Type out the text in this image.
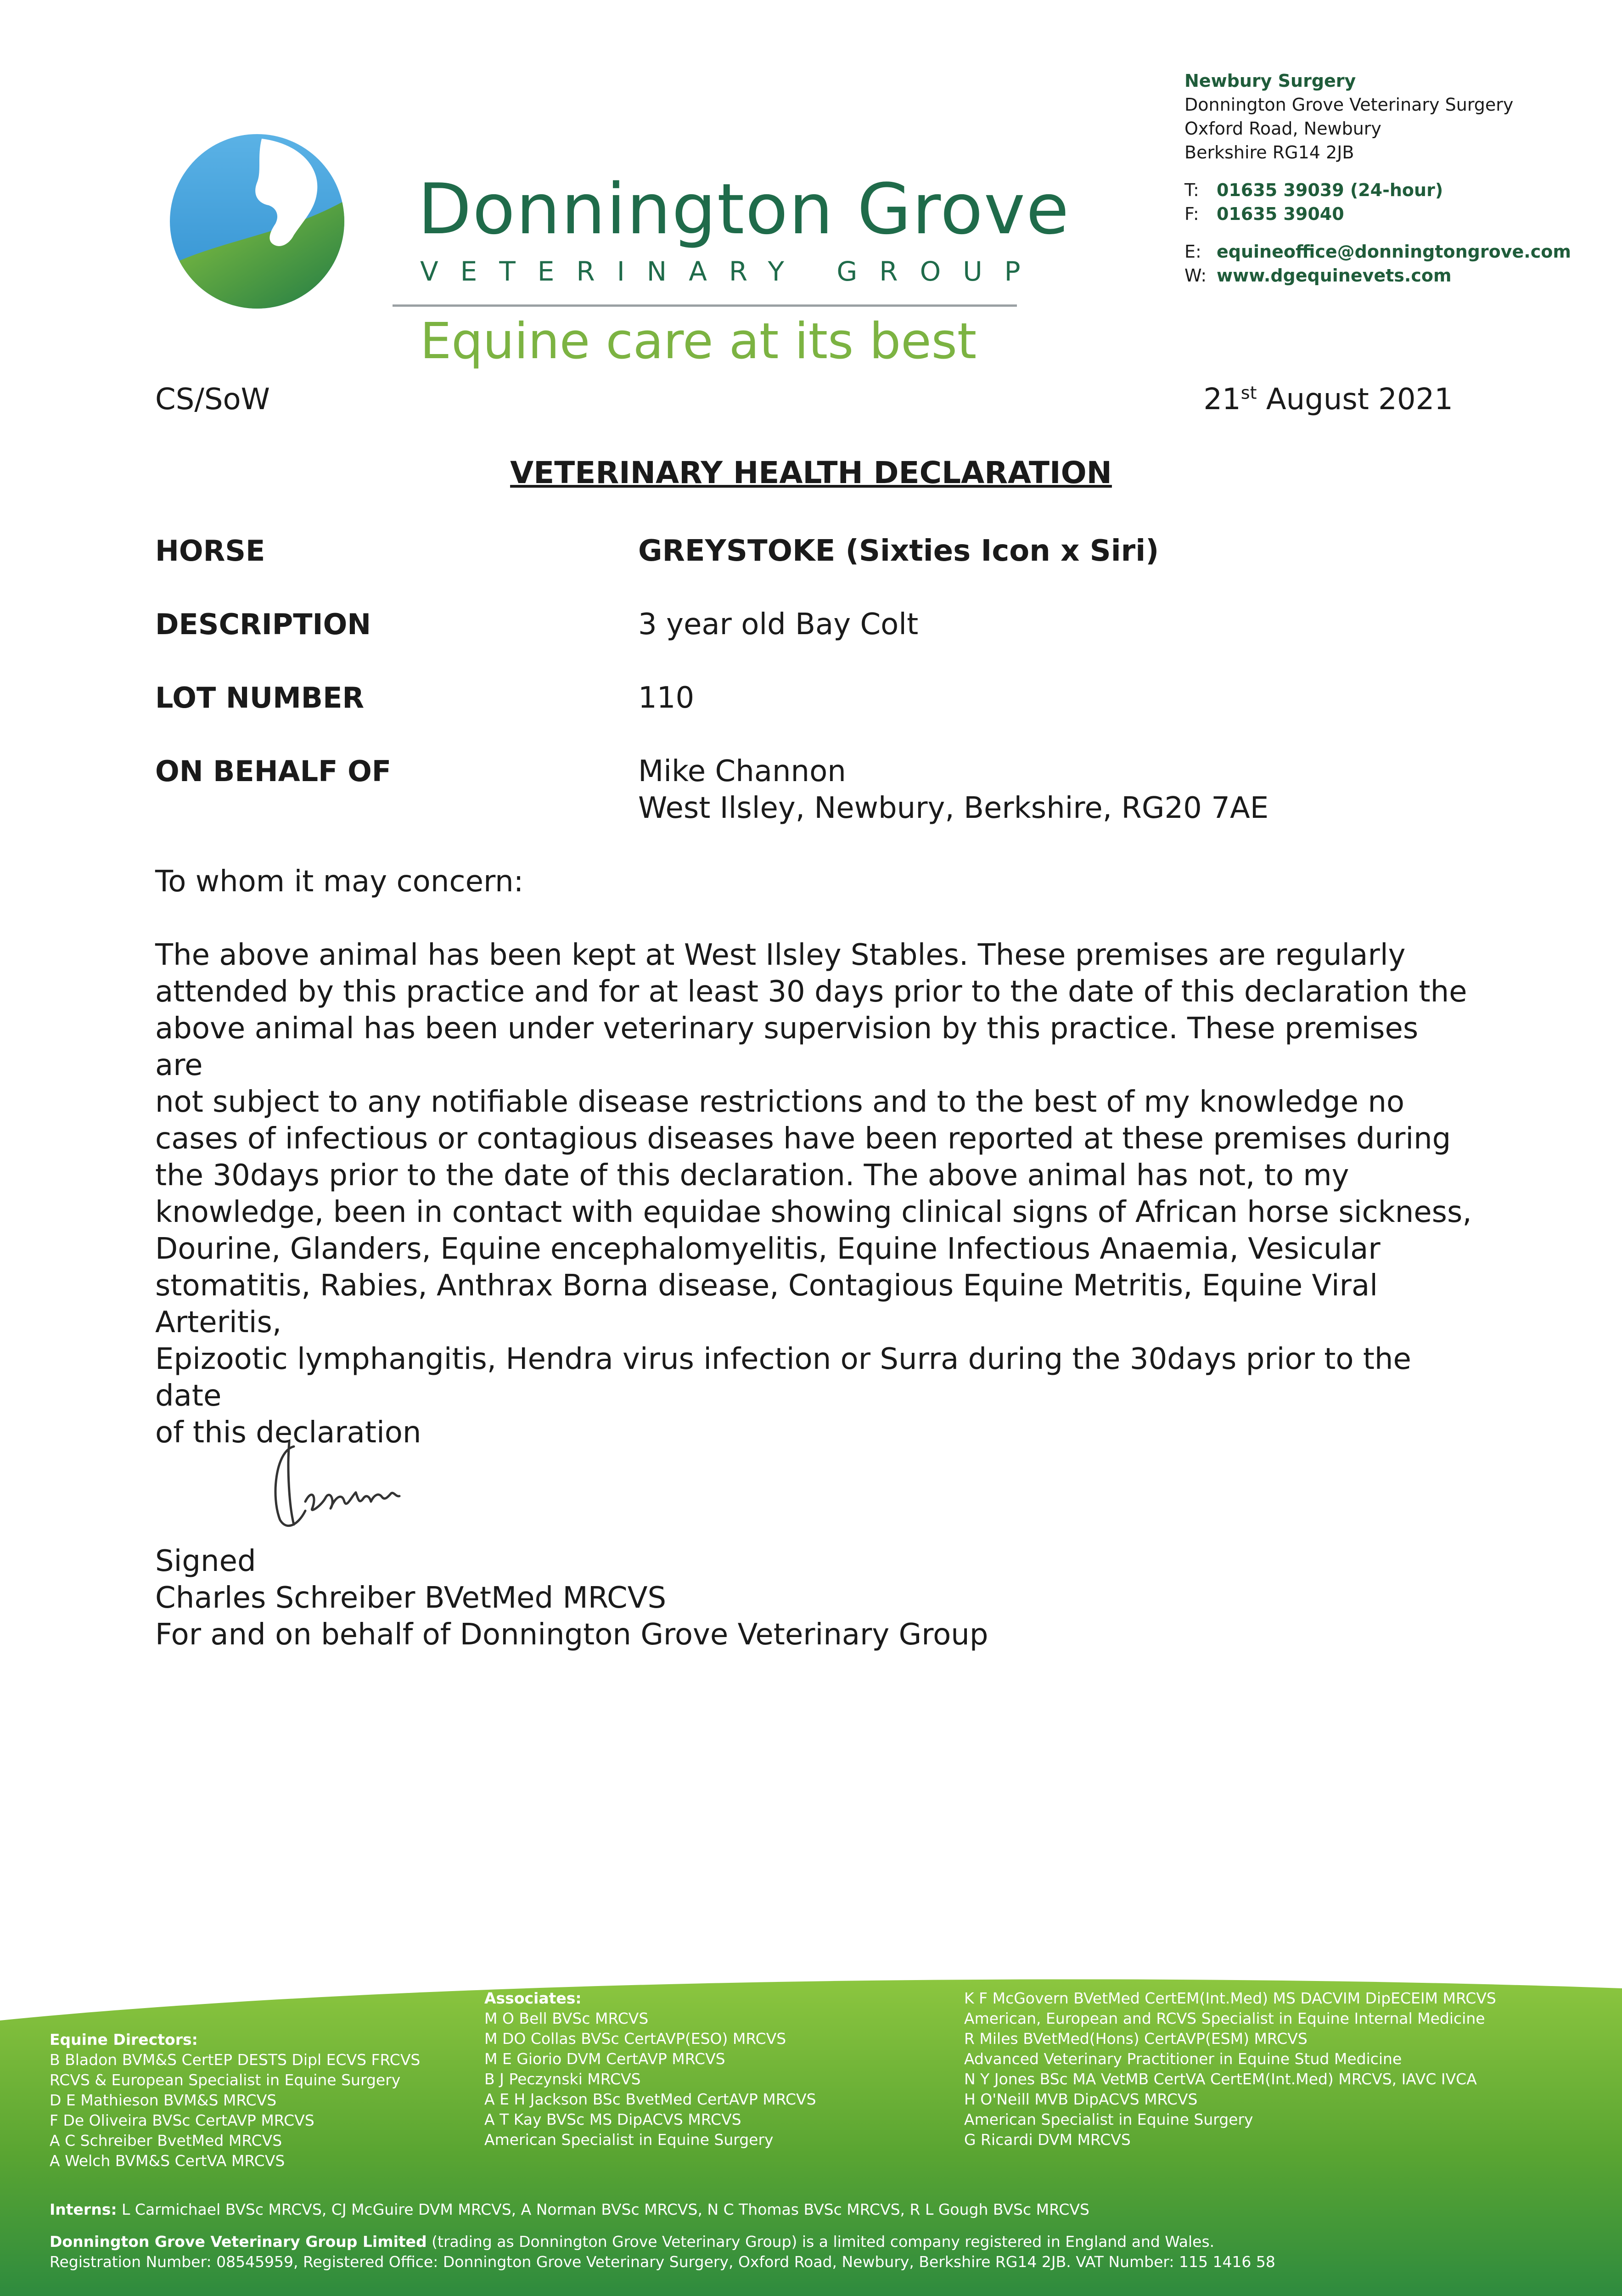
Donnington Grove
VETERINARY GROUP
Equine care at its best
Newbury Surgery
Donnington Grove Veterinary Surgery
Oxford Road, Newbury
Berkshire RG14 2JB
T: 01635 39039 (24-hour)
F: 01635 39040
E: equineoffice@donningtongrove.com
W: www.dgequinevets.com
CS/SoW	21st August 2021
VETERINARY HEALTH DECLARATION
HORSE	GREYSTOKE (Sixties Icon x Siri)
DESCRIPTION	3 year old Bay Colt
LOT NUMBER	110
ON BEHALF OF	Mike Channon
West Ilsley, Newbury, Berkshire, RG20 7AE
To whom it may concern:

The above animal has been kept at West Ilsley Stables. These premises are regularly

attended by this practice and for at least 30 days prior to the date of this declaration the

above animal has been under veterinary supervision by this practice. These premises are

not subject to any notifiable disease restrictions and to the best of my knowledge no

cases of infectious or contagious diseases have been reported at these premises during

the 30days prior to the date of this declaration. The above animal has not, to my

knowledge, been in contact with equidae showing clinical signs of African horse sickness,

Dourine, Glanders, Equine encephalomyelitis, Equine Infectious Anaemia, Vesicular

stomatitis, Rabies, Anthrax Borna disease, Contagious Equine Metritis, Equine Viral Arteritis,

Epizootic lymphangitis, Hendra virus infection or Surra during the 30days prior to the date

of this declaration

Signed
Charles Schreiber BVetMed MRCVS
For and on behalf of Donnington Grove Veterinary Group
Equine Directors:
B Bladon BVM&S CertEP DESTS Dipl ECVS FRCVS
RCVS & European Specialist in Equine Surgery
D E Mathieson BVM&S MRCVS
F De Oliveira BVSc CertAVP MRCVS
A C Schreiber BvetMed MRCVS
A Welch BVM&S CertVA MRCVS
Associates:
M O Bell BVSc MRCVS
M DO Collas BVSc CertAVP(ESO) MRCVS
M E Giorio DVM CertAVP MRCVS
B J Peczynski MRCVS
A E H Jackson BSc BvetMed CertAVP MRCVS
A T Kay BVSc MS DipACVS MRCVS
American Specialist in Equine Surgery
K F McGovern BVetMed CertEM(Int.Med) MS DACVIM DipECEIM MRCVS
American, European and RCVS Specialist in Equine Internal Medicine
R Miles BVetMed(Hons) CertAVP(ESM) MRCVS
Advanced Veterinary Practitioner in Equine Stud Medicine
N Y Jones BSc MA VetMB CertVA CertEM(Int.Med) MRCVS, IAVC IVCA
H O'Neill MVB DipACVS MRCVS
American Specialist in Equine Surgery
G Ricardi DVM MRCVS
Interns: L Carmichael BVSc MRCVS, CJ McGuire DVM MRCVS, A Norman BVSc MRCVS, N C Thomas BVSc MRCVS, R L Gough BVSc MRCVS
Donnington Grove Veterinary Group Limited (trading as Donnington Grove Veterinary Group) is a limited company registered in England and Wales.
Registration Number: 08545959, Registered Office: Donnington Grove Veterinary Surgery, Oxford Road, Newbury, Berkshire RG14 2JB. VAT Number: 115 1416 58
